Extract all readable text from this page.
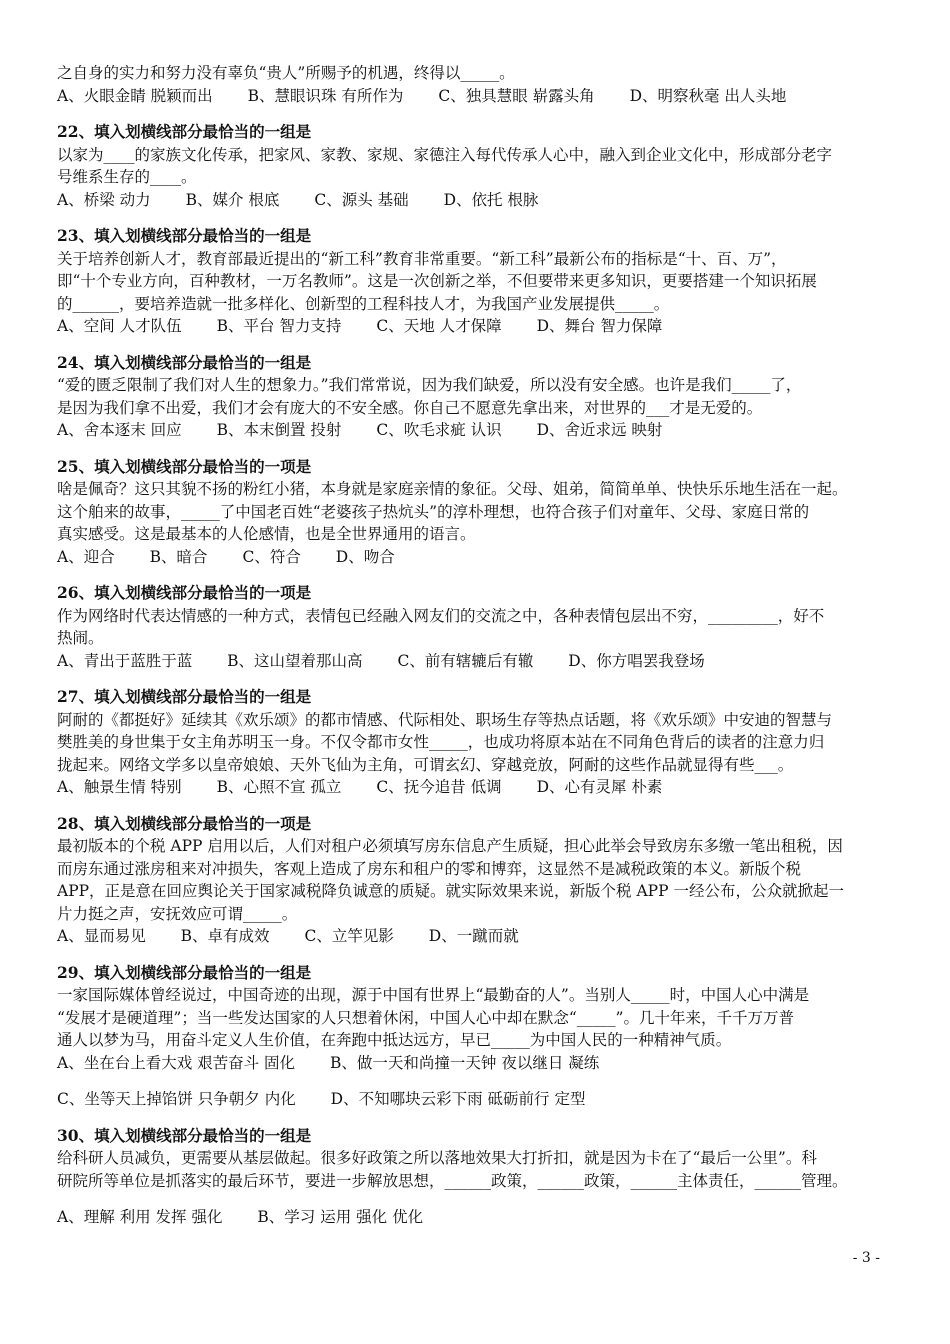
之自身的实力和努力没有辜负“贵人”所赐予的机遇，终得以_____。
A、火眼金睛 脱颖而出 B、慧眼识珠 有所作为 C、独具慧眼 崭露头角 D、明察秋毫 出人头地
22、填入划横线部分最恰当的一组是
以家为____的家族文化传承，把家风、家教、家规、家德注入每代传承人心中，融入到企业文化中，形成部分老字
号维系生存的____。
A、桥梁 动力 B、媒介 根底 C、源头 基础 D、依托 根脉
23、填入划横线部分最恰当的一组是
关于培养创新人才，教育部最近提出的“新工科”教育非常重要。“新工科”最新公布的指标是“十、百、万”，
即“十个专业方向，百种教材，一万名教师”。这是一次创新之举，不但要带来更多知识，更要搭建一个知识拓展
的______，要培养造就一批多样化、创新型的工程科技人才，为我国产业发展提供_____。
A、空间 人才队伍 B、平台 智力支持 C、天地 人才保障 D、舞台 智力保障
24、填入划横线部分最恰当的一组是
“爱的匮乏限制了我们对人生的想象力。”我们常常说，因为我们缺爱，所以没有安全感。也许是我们_____了，
是因为我们拿不出爱，我们才会有庞大的不安全感。你自己不愿意先拿出来，对世界的___才是无爱的。
A、舍本逐末 回应 B、本末倒置 投射 C、吹毛求疵 认识 D、舍近求远 映射
25、填入划横线部分最恰当的一项是
啥是佩奇？这只其貌不扬的粉红小猪，本身就是家庭亲情的象征。父母、姐弟，简简单单、快快乐乐地生活在一起。
这个舶来的故事，_____了中国老百姓“老婆孩子热炕头”的淳朴理想，也符合孩子们对童年、父母、家庭日常的
真实感受。这是最基本的人伦感情，也是全世界通用的语言。
A、迎合 B、暗合 C、符合 D、吻合
26、填入划横线部分最恰当的一项是
作为网络时代表达情感的一种方式，表情包已经融入网友们的交流之中，各种表情包层出不穷，_________，好不
热闹。
A、青出于蓝胜于蓝 B、这山望着那山高 C、前有辖辘后有辙 D、你方唱罢我登场
27、填入划横线部分最恰当的一组是
阿耐的《都挺好》延续其《欢乐颂》的都市情感、代际相处、职场生存等热点话题，将《欢乐颂》中安迪的智慧与
樊胜美的身世集于女主角苏明玉一身。不仅令都市女性_____，也成功将原本站在不同角色背后的读者的注意力归
拢起来。网络文学多以皇帝娘娘、天外飞仙为主角，可谓玄幻、穿越竞放，阿耐的这些作品就显得有些___。
A、触景生情 特别 B、心照不宣 孤立 C、抚今追昔 低调 D、心有灵犀 朴素
28、填入划横线部分最恰当的一项是
最初版本的个税 APP 启用以后，人们对租户必须填写房东信息产生质疑，担心此举会导致房东多缴一笔出租税，因
而房东通过涨房租来对冲损失，客观上造成了房东和租户的零和博弈，这显然不是减税政策的本义。新版个税
APP，正是意在回应舆论关于国家减税降负诚意的质疑。就实际效果来说，新版个税 APP 一经公布，公众就掀起一
片力挺之声，安抚效应可谓_____。
A、显而易见 B、卓有成效 C、立竿见影 D、一蹴而就
29、填入划横线部分最恰当的一组是
一家国际媒体曾经说过，中国奇迹的出现，源于中国有世界上“最勤奋的人”。当别人_____时，中国人心中满是
“发展才是硬道理”；当一些发达国家的人只想着休闲，中国人心中却在默念“_____”。几十年来，千千万万普
通人以梦为马，用奋斗定义人生价值，在奔跑中抵达远方，早已_____为中国人民的一种精神气质。
A、坐在台上看大戏 艰苦奋斗 固化 B、做一天和尚撞一天钟 夜以继日 凝练
C、坐等天上掉馅饼 只争朝夕 内化 D、不知哪块云彩下雨 砥砺前行 定型
30、填入划横线部分最恰当的一组是
给科研人员减负，更需要从基层做起。很多好政策之所以落地效果大打折扣，就是因为卡在了“最后一公里”。科
研院所等单位是抓落实的最后环节，要进一步解放思想，______政策，______政策，______主体责任，______管理。
A、理解 利用 发挥 强化 B、学习 运用 强化 优化
- 3 -
